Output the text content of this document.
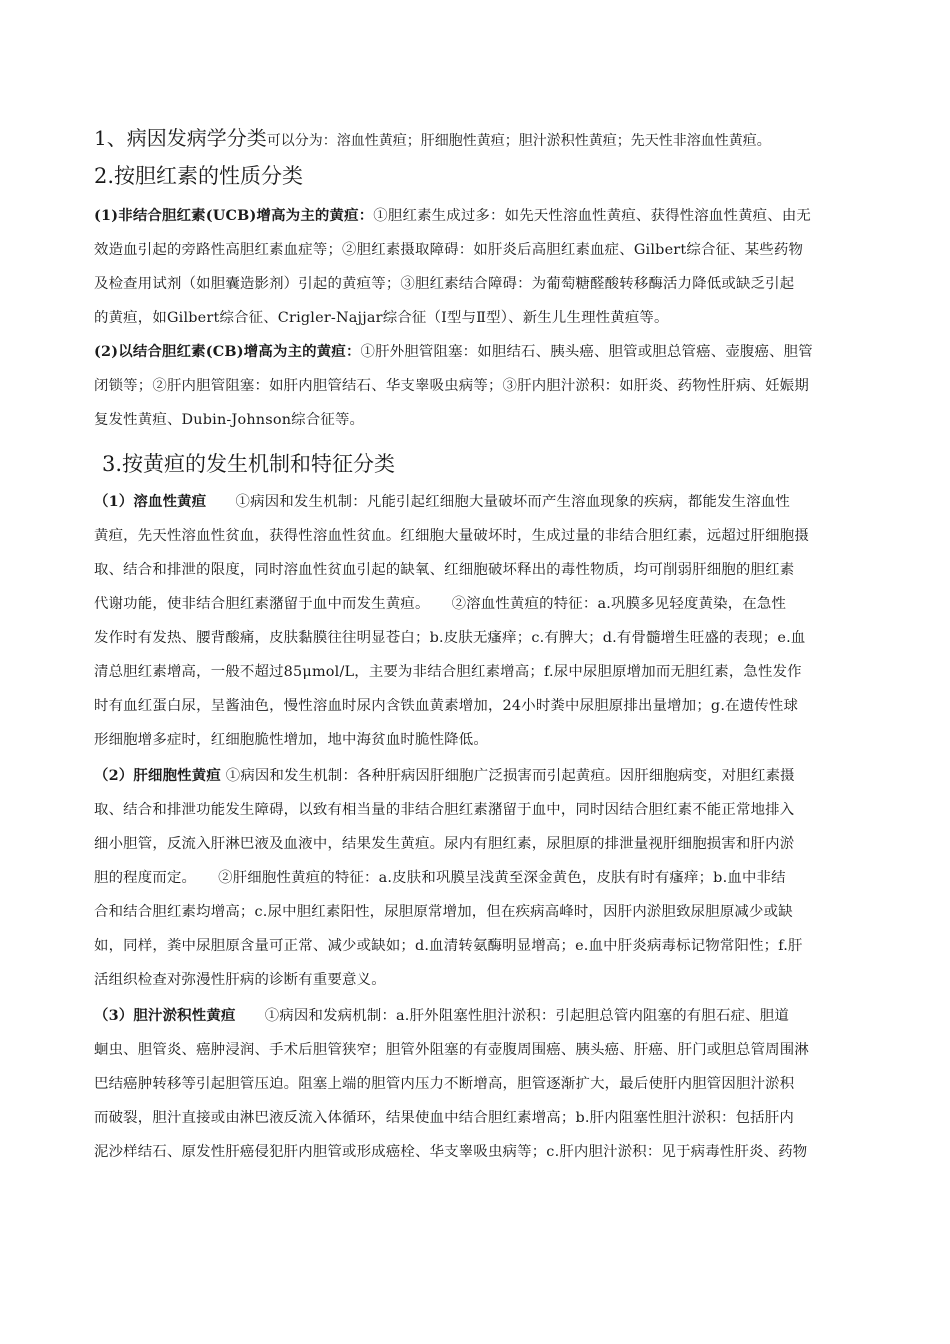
1、病因发病学分类可以分为：溶血性黄疸；肝细胞性黄疸；胆汁淤积性黄疸；先天性非溶血性黄疸。
2.按胆红素的性质分类
(1)非结合胆红素(UCB)增高为主的黄疸：①胆红素生成过多：如先天性溶血性黄疸、获得性溶血性黄疸、由无
效造血引起的旁路性高胆红素血症等；②胆红素摄取障碍：如肝炎后高胆红素血症、Gilbert综合征、某些药物
及检查用试剂（如胆囊造影剂）引起的黄疸等；③胆红素结合障碍：为葡萄糖醛酸转移酶活力降低或缺乏引起
的黄疸，如Gilbert综合征、Crigler-Najjar综合征（Ⅰ型与Ⅱ型）、新生儿生理性黄疸等。
(2)以结合胆红素(CB)增高为主的黄疸：①肝外胆管阻塞：如胆结石、胰头癌、胆管或胆总管癌、壶腹癌、胆管
闭锁等；②肝内胆管阻塞：如肝内胆管结石、华支睾吸虫病等；③肝内胆汁淤积：如肝炎、药物性肝病、妊娠期
复发性黄疸、Dubin-Johnson综合征等。
3.按黄疸的发生机制和特征分类
（1）溶血性黄疸　　①病因和发生机制：凡能引起红细胞大量破坏而产生溶血现象的疾病，都能发生溶血性
黄疸，先天性溶血性贫血，获得性溶血性贫血。红细胞大量破坏时，生成过量的非结合胆红素，远超过肝细胞摄
取、结合和排泄的限度，同时溶血性贫血引起的缺氧、红细胞破坏释出的毒性物质，均可削弱肝细胞的胆红素
代谢功能，使非结合胆红素潴留于血中而发生黄疸。　　②溶血性黄疸的特征：a.巩膜多见轻度黄染，在急性
发作时有发热、腰背酸痛，皮肤黏膜往往明显苍白；b.皮肤无瘙痒；c.有脾大；d.有骨髓增生旺盛的表现；e.血
清总胆红素增高，一般不超过85μmol/L，主要为非结合胆红素增高；f.尿中尿胆原增加而无胆红素，急性发作
时有血红蛋白尿，呈酱油色，慢性溶血时尿内含铁血黄素增加，24小时粪中尿胆原排出量增加；g.在遗传性球
形细胞增多症时，红细胞脆性增加，地中海贫血时脆性降低。
（2）肝细胞性黄疸 ①病因和发生机制：各种肝病因肝细胞广泛损害而引起黄疸。因肝细胞病变，对胆红素摄
取、结合和排泄功能发生障碍，以致有相当量的非结合胆红素潴留于血中，同时因结合胆红素不能正常地排入
细小胆管，反流入肝淋巴液及血液中，结果发生黄疸。尿内有胆红素，尿胆原的排泄量视肝细胞损害和肝内淤
胆的程度而定。　　②肝细胞性黄疸的特征：a.皮肤和巩膜呈浅黄至深金黄色，皮肤有时有瘙痒；b.血中非结
合和结合胆红素均增高；c.尿中胆红素阳性，尿胆原常增加，但在疾病高峰时，因肝内淤胆致尿胆原减少或缺
如，同样，粪中尿胆原含量可正常、减少或缺如；d.血清转氨酶明显增高；e.血中肝炎病毒标记物常阳性；f.肝
活组织检查对弥漫性肝病的诊断有重要意义。
（3）胆汁淤积性黄疸　　①病因和发病机制：a.肝外阻塞性胆汁淤积：引起胆总管内阻塞的有胆石症、胆道
蛔虫、胆管炎、癌肿浸润、手术后胆管狭窄；胆管外阻塞的有壶腹周围癌、胰头癌、肝癌、肝门或胆总管周围淋
巴结癌肿转移等引起胆管压迫。阻塞上端的胆管内压力不断增高，胆管逐渐扩大，最后使肝内胆管因胆汁淤积
而破裂，胆汁直接或由淋巴液反流入体循环，结果使血中结合胆红素增高；b.肝内阻塞性胆汁淤积：包括肝内
泥沙样结石、原发性肝癌侵犯肝内胆管或形成癌栓、华支睾吸虫病等；c.肝内胆汁淤积：见于病毒性肝炎、药物
